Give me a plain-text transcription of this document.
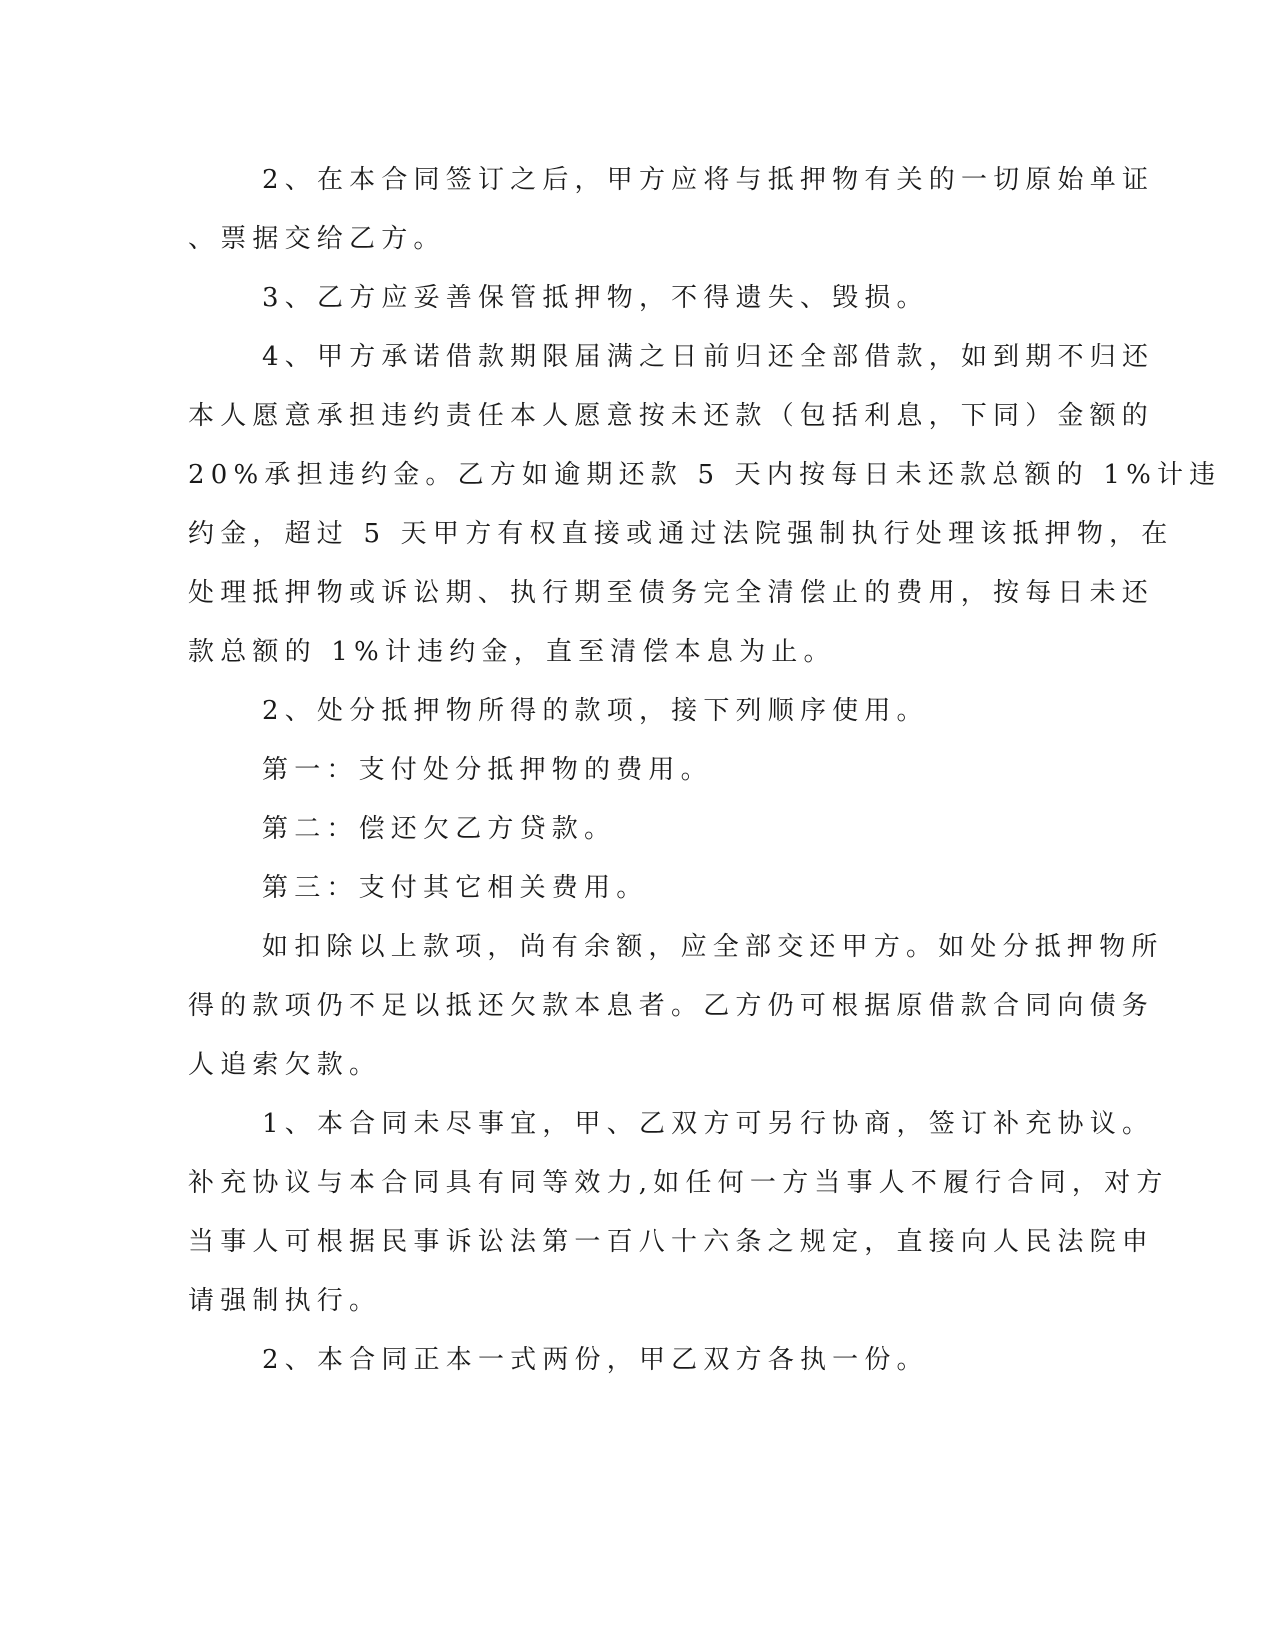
2、在本合同签订之后，甲方应将与抵押物有关的一切原始单证
、票据交给乙方。
3、乙方应妥善保管抵押物，不得遗失、毁损。
4、甲方承诺借款期限届满之日前归还全部借款，如到期不归还
本人愿意承担违约责任本人愿意按未还款（包括利息，下同）金额的
20%承担违约金。乙方如逾期还款 5 天内按每日未还款总额的 1%计违
约金，超过 5 天甲方有权直接或通过法院强制执行处理该抵押物，在
处理抵押物或诉讼期、执行期至债务完全清偿止的费用，按每日未还
款总额的 1%计违约金，直至清偿本息为止。
2、处分抵押物所得的款项，接下列顺序使用。
第一：支付处分抵押物的费用。
第二：偿还欠乙方贷款。
第三：支付其它相关费用。
如扣除以上款项，尚有余额，应全部交还甲方。如处分抵押物所
得的款项仍不足以抵还欠款本息者。乙方仍可根据原借款合同向债务
人追索欠款。
1、本合同未尽事宜，甲、乙双方可另行协商，签订补充协议。
补充协议与本合同具有同等效力,如任何一方当事人不履行合同，对方
当事人可根据民事诉讼法第一百八十六条之规定，直接向人民法院申
请强制执行。
2、本合同正本一式两份，甲乙双方各执一份。
